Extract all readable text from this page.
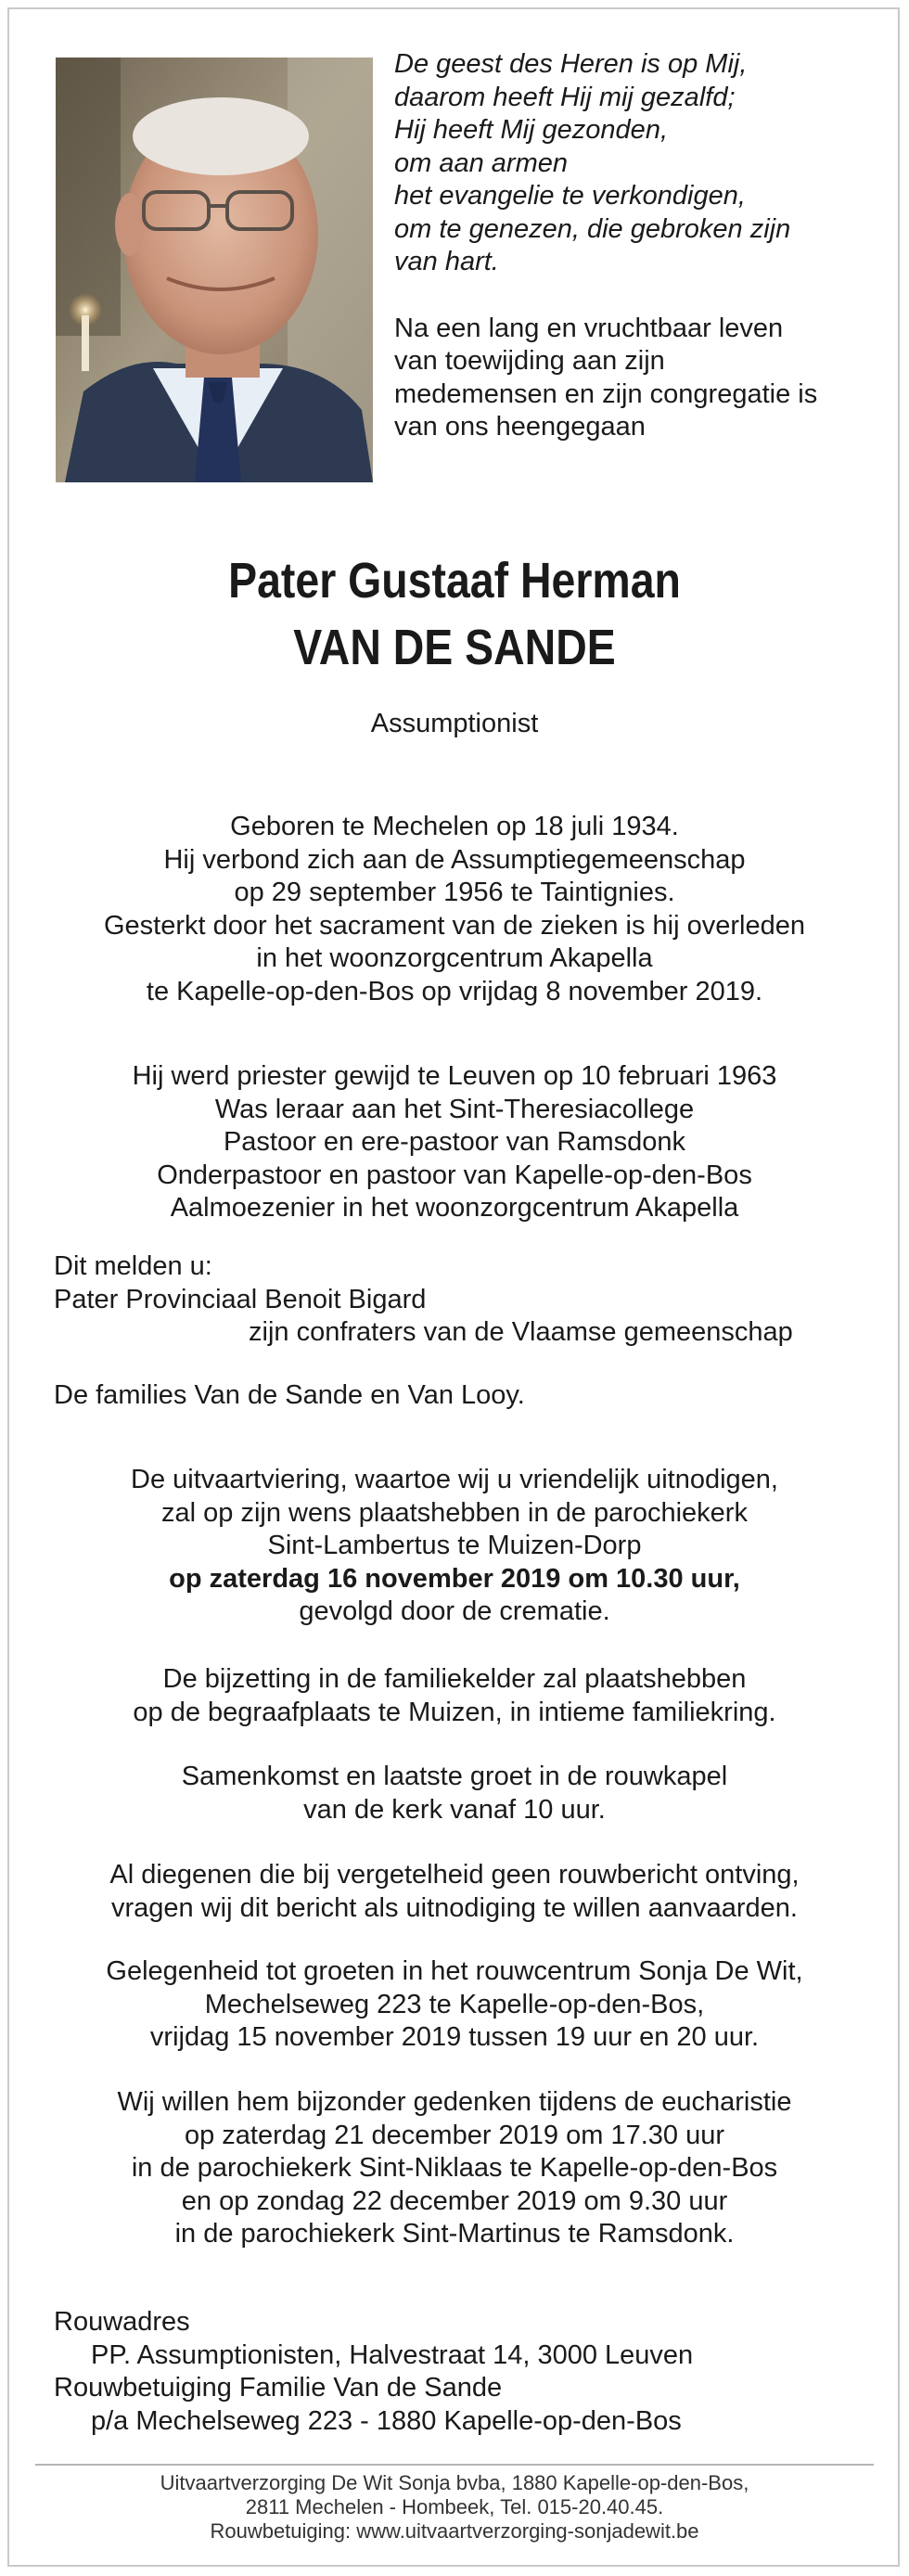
De geest des Heren is op Mij,
daarom heeft Hij mij gezalfd;
Hij heeft Mij gezonden,
om aan armen
het evangelie te verkondigen,
om te genezen, die gebroken zijn
van hart.
Na een lang en vruchtbaar leven
van toewijding aan zijn
medemensen en zijn congregatie is
van ons heengegaan
Pater Gustaaf Herman
VAN DE SANDE
Assumptionist
Geboren te Mechelen op 18 juli 1934.
Hij verbond zich aan de Assumptiegemeenschap
op 29 september 1956 te Taintignies.
Gesterkt door het sacrament van de zieken is hij overleden
in het woonzorgcentrum Akapella
te Kapelle-op-den-Bos op vrijdag 8 november 2019.
Hij werd priester gewijd te Leuven op 10 februari 1963
Was leraar aan het Sint-Theresiacollege
Pastoor en ere-pastoor van Ramsdonk
Onderpastoor en pastoor van Kapelle-op-den-Bos
Aalmoezenier in het woonzorgcentrum Akapella
Dit melden u:
Pater Provinciaal Benoit Bigard
zijn confraters van de Vlaamse gemeenschap
De families Van de Sande en Van Looy.
De uitvaartviering, waartoe wij u vriendelijk uitnodigen,
zal op zijn wens plaatshebben in de parochiekerk
Sint-Lambertus te Muizen-Dorp
op zaterdag 16 november 2019 om 10.30 uur,
gevolgd door de crematie.
De bijzetting in de familiekelder zal plaatshebben
op de begraafplaats te Muizen, in intieme familiekring.
Samenkomst en laatste groet in de rouwkapel
van de kerk vanaf 10 uur.
Al diegenen die bij vergetelheid geen rouwbericht ontving,
vragen wij dit bericht als uitnodiging te willen aanvaarden.
Gelegenheid tot groeten in het rouwcentrum Sonja De Wit,
Mechelseweg 223 te Kapelle-op-den-Bos,
vrijdag 15 november 2019 tussen 19 uur en 20 uur.
Wij willen hem bijzonder gedenken tijdens de eucharistie
op zaterdag 21 december 2019 om 17.30 uur
in de parochiekerk Sint-Niklaas te Kapelle-op-den-Bos
en op zondag 22 december 2019 om 9.30 uur
in de parochiekerk Sint-Martinus te Ramsdonk.
Rouwadres
PP. Assumptionisten, Halvestraat 14, 3000 Leuven
Rouwbetuiging Familie Van de Sande
p/a Mechelseweg 223 - 1880 Kapelle-op-den-Bos
Uitvaartverzorging De Wit Sonja bvba, 1880 Kapelle-op-den-Bos,
2811 Mechelen - Hombeek, Tel. 015-20.40.45.
Rouwbetuiging: www.uitvaartverzorging-sonjadewit.be
